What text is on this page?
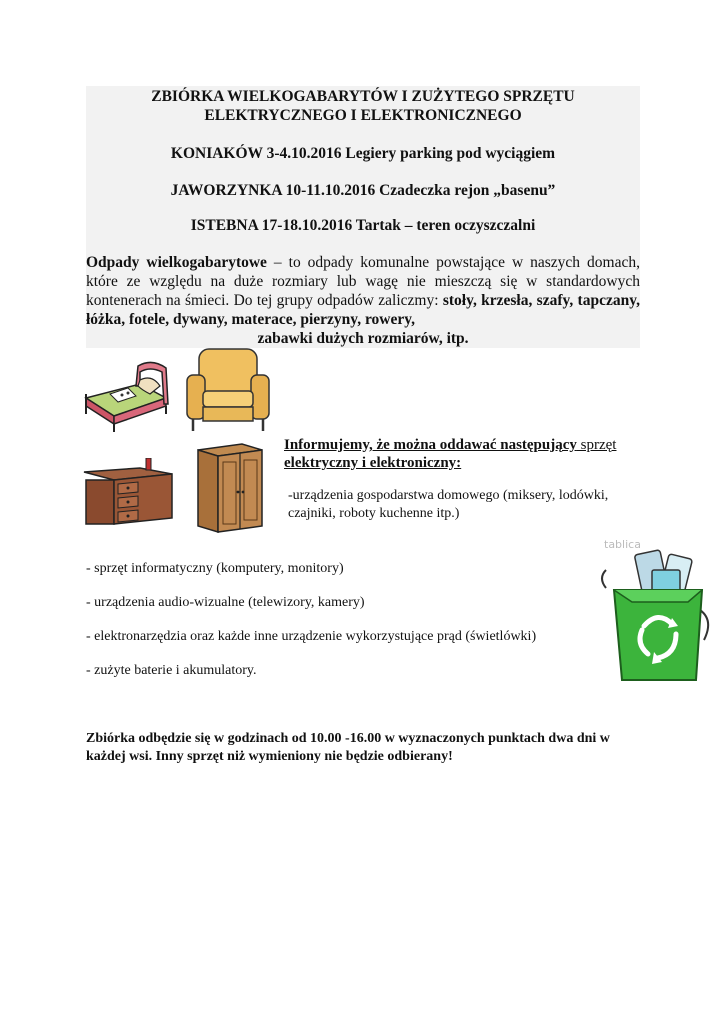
ZBIÓRKA WIELKOGABARYTÓW I ZUŻYTEGO SPRZĘTU
ELEKTRYCZNEGO I ELEKTRONICZNEGO
KONIAKÓW 3-4.10.2016 Legiery parking pod wyciągiem
JAWORZYNKA 10-11.10.2016 Czadeczka rejon „basenu”
ISTEBNA 17-18.10.2016 Tartak – teren oczyszczalni
Odpady wielkogabarytowe – to odpady komunalne powstające w naszych domach, które ze względu na duże rozmiary lub wagę nie mieszczą się w standardowych kontenerach na śmieci. Do tej grupy odpadów zaliczmy: stoły, krzesła, szafy, tapczany, łóżka, fotele, dywany, materace, pierzyny, rowery,
zabawki dużych rozmiarów, itp.
Informujemy, że można oddawać następujący sprzęt
elektryczny i elektroniczny:
-urządzenia gospodarstwa domowego (miksery, lodówki, czajniki, roboty kuchenne itp.)
- sprzęt informatyczny (komputery, monitory)
- urządzenia audio-wizualne (telewizory, kamery)
- elektronarzędzia oraz każde inne urządzenie wykorzystujące prąd (świetlówki)
- zużyte baterie i akumulatory.
tablica
Zbiórka odbędzie się w godzinach od 10.00 -16.00 w wyznaczonych punktach dwa dni w każdej wsi. Inny sprzęt niż wymieniony nie będzie odbierany!
